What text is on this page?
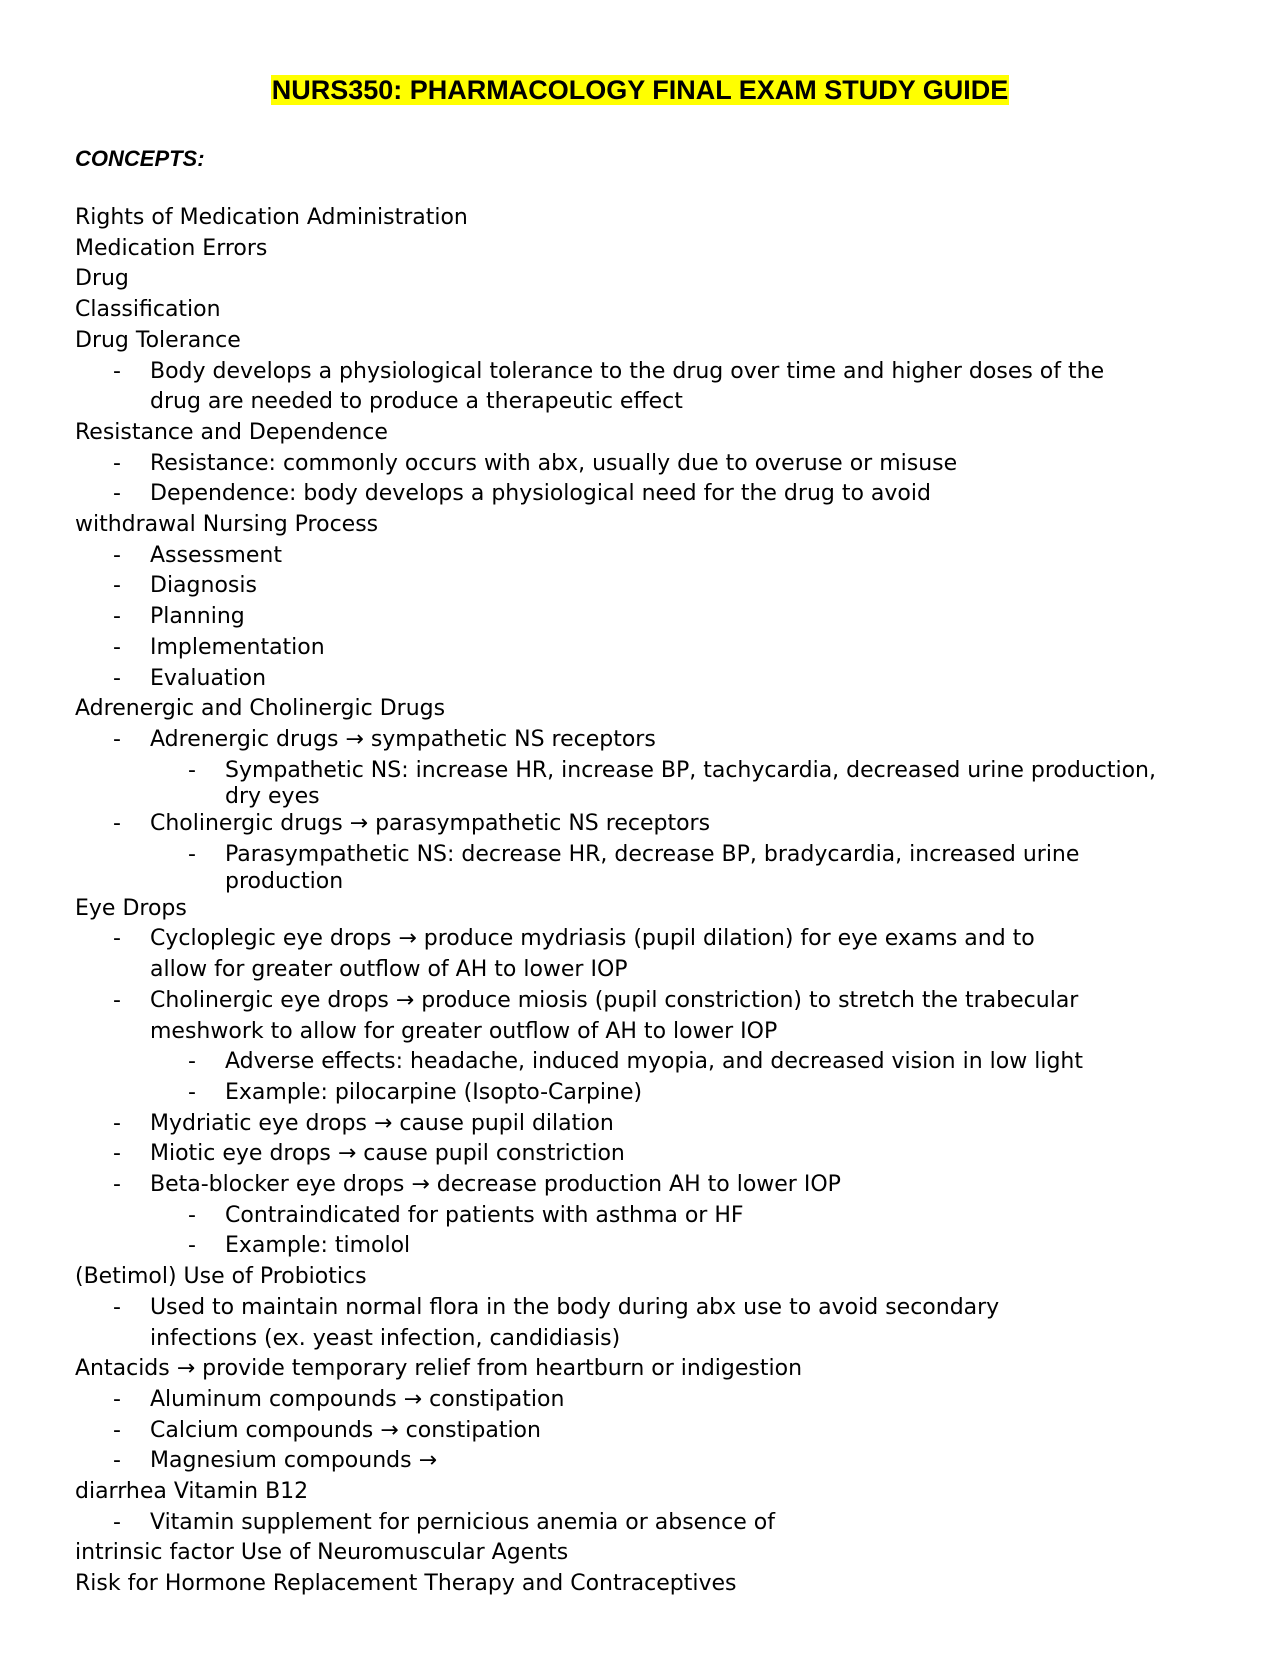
NURS350: PHARMACOLOGY FINAL EXAM STUDY GUIDE
CONCEPTS:
Rights of Medication Administration
Medication Errors
Drug
Classification
Drug Tolerance
Body develops a physiological tolerance to the drug over time and higher doses of the
-
drug are needed to produce a therapeutic effect
Resistance and Dependence
Resistance: commonly occurs with abx, usually due to overuse or misuse
-
Dependence: body develops a physiological need for the drug to avoid
-
withdrawal Nursing Process
Assessment
-
Diagnosis
-
Planning
-
Implementation
-
Evaluation
-
Adrenergic and Cholinergic Drugs
Adrenergic drugs → sympathetic NS receptors
-
Sympathetic NS: increase HR, increase BP, tachycardia, decreased urine production,
-
dry eyes
Cholinergic drugs → parasympathetic NS receptors
-
Parasympathetic NS: decrease HR, decrease BP, bradycardia, increased urine
-
production
Eye Drops
Cycloplegic eye drops → produce mydriasis (pupil dilation) for eye exams and to
-
allow for greater outflow of AH to lower IOP
Cholinergic eye drops → produce miosis (pupil constriction) to stretch the trabecular
-
meshwork to allow for greater outflow of AH to lower IOP
Adverse effects: headache, induced myopia, and decreased vision in low light
-
Example: pilocarpine (Isopto-Carpine)
-
Mydriatic eye drops → cause pupil dilation
-
Miotic eye drops → cause pupil constriction
-
Beta-blocker eye drops → decrease production AH to lower IOP
-
Contraindicated for patients with asthma or HF
-
Example: timolol
-
(Betimol) Use of Probiotics
Used to maintain normal flora in the body during abx use to avoid secondary
-
infections (ex. yeast infection, candidiasis)
Antacids → provide temporary relief from heartburn or indigestion
Aluminum compounds → constipation
-
Calcium compounds → constipation
-
Magnesium compounds →
-
diarrhea Vitamin B12
Vitamin supplement for pernicious anemia or absence of
-
intrinsic factor Use of Neuromuscular Agents
Risk for Hormone Replacement Therapy and Contraceptives
